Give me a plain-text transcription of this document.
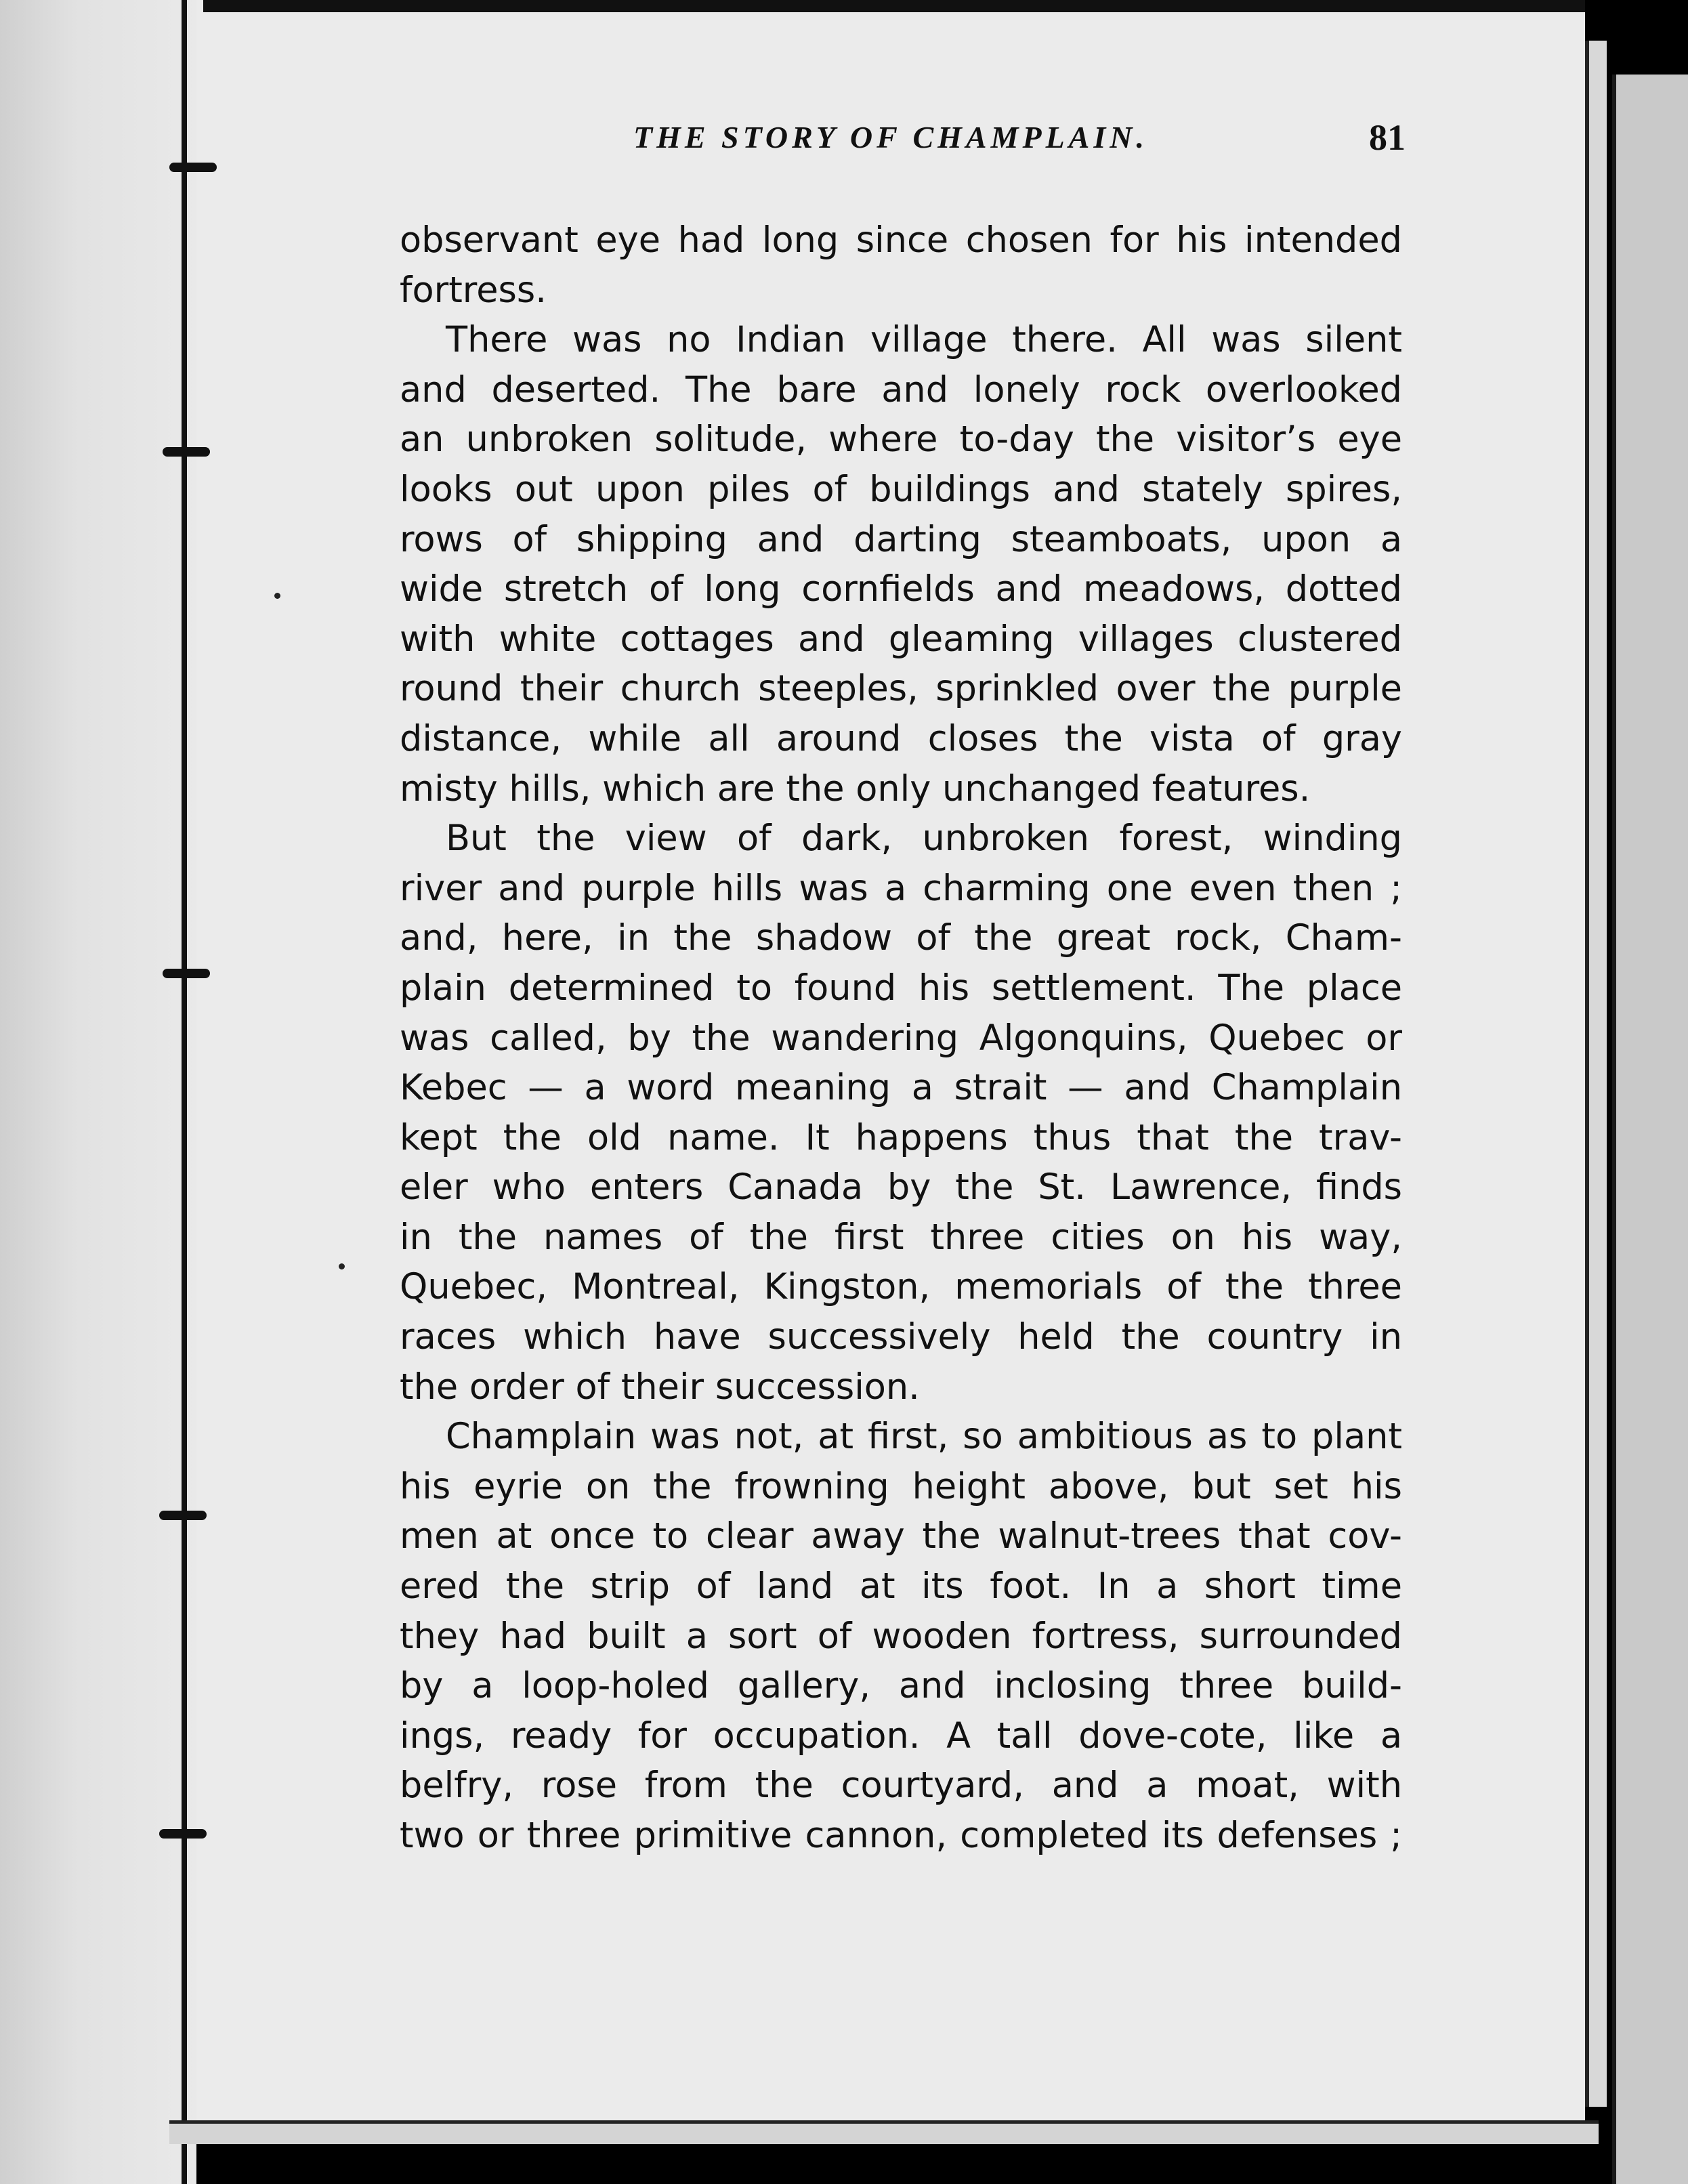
THE STORY OF CHAMPLAIN.	81
observant eye had long since chosen for his intended
fortress.
There was no Indian village there. All was silent
and deserted. The bare and lonely rock overlooked
an unbroken solitude, where to-day the visitor’s eye
looks out upon piles of buildings and stately spires,
rows of shipping and darting steamboats, upon a
wide stretch of long cornfields and meadows, dotted
with white cottages and gleaming villages clustered
round their church steeples, sprinkled over the purple
distance, while all around closes the vista of gray
misty hills, which are the only unchanged features.
But the view of dark, unbroken forest, winding
river and purple hills was a charming one even then ;
and, here, in the shadow of the great rock, Cham-
plain determined to found his settlement. The place
was called, by the wandering Algonquins, Quebec or
Kebec — a word meaning a strait — and Champlain
kept the old name. It happens thus that the trav-
eler who enters Canada by the St. Lawrence, finds
in the names of the first three cities on his way,
Quebec, Montreal, Kingston, memorials of the three
races which have successively held the country in
the order of their succession.
Champlain was not, at first, so ambitious as to plant
his eyrie on the frowning height above, but set his
men at once to clear away the walnut-trees that cov-
ered the strip of land at its foot. In a short time
they had built a sort of wooden fortress, surrounded
by a loop-holed gallery, and inclosing three build-
ings, ready for occupation. A tall dove-cote, like a
belfry, rose from the courtyard, and a moat, with
two or three primitive cannon, completed its defenses ;
